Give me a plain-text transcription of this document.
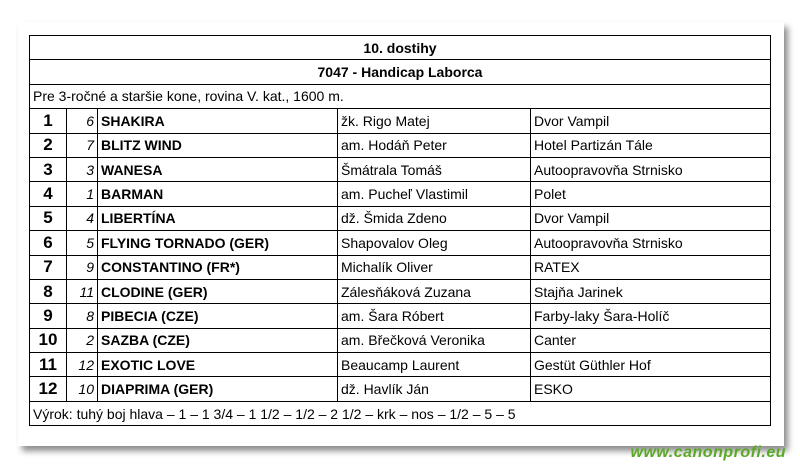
10. dostihy				
7047 - Handicap Laborca				
Pre 3-ročné a staršie kone, rovina V. kat., 1600 m.				
1	6	SHAKIRA	žk. Rigo Matej	Dvor Vampil
2	7	BLITZ WIND	am. Hodáň Peter	Hotel Partizán Tále
3	3	WANESA	Šmátrala Tomáš	Autoopravovňa Strnisko
4	1	BARMAN	am. Pucheľ Vlastimil	Polet
5	4	LIBERTÍNA	dž. Šmida Zdeno	Dvor Vampil
6	5	FLYING TORNADO (GER)	Shapovalov Oleg	Autoopravovňa Strnisko
7	9	CONSTANTINO (FR*)	Michalík Oliver	RATEX
8	11	CLODINE (GER)	Zálesňáková Zuzana	Stajňa Jarinek
9	8	PIBECIA (CZE)	am. Šara Róbert	Farby-laky Šara-Holíč
10	2	SAZBA (CZE)	am. Břečková Veronika	Canter
11	12	EXOTIC LOVE	Beaucamp Laurent	Gestüt Güthler Hof
12	10	DIAPRIMA (GER)	dž. Havlík Ján	ESKO
Výrok: tuhý boj hlava – 1 – 1 3/4 – 1 1/2 – 1/2 – 2 1/2 – krk – nos – 1/2 – 5 – 5				
www.canonprofi.eu
